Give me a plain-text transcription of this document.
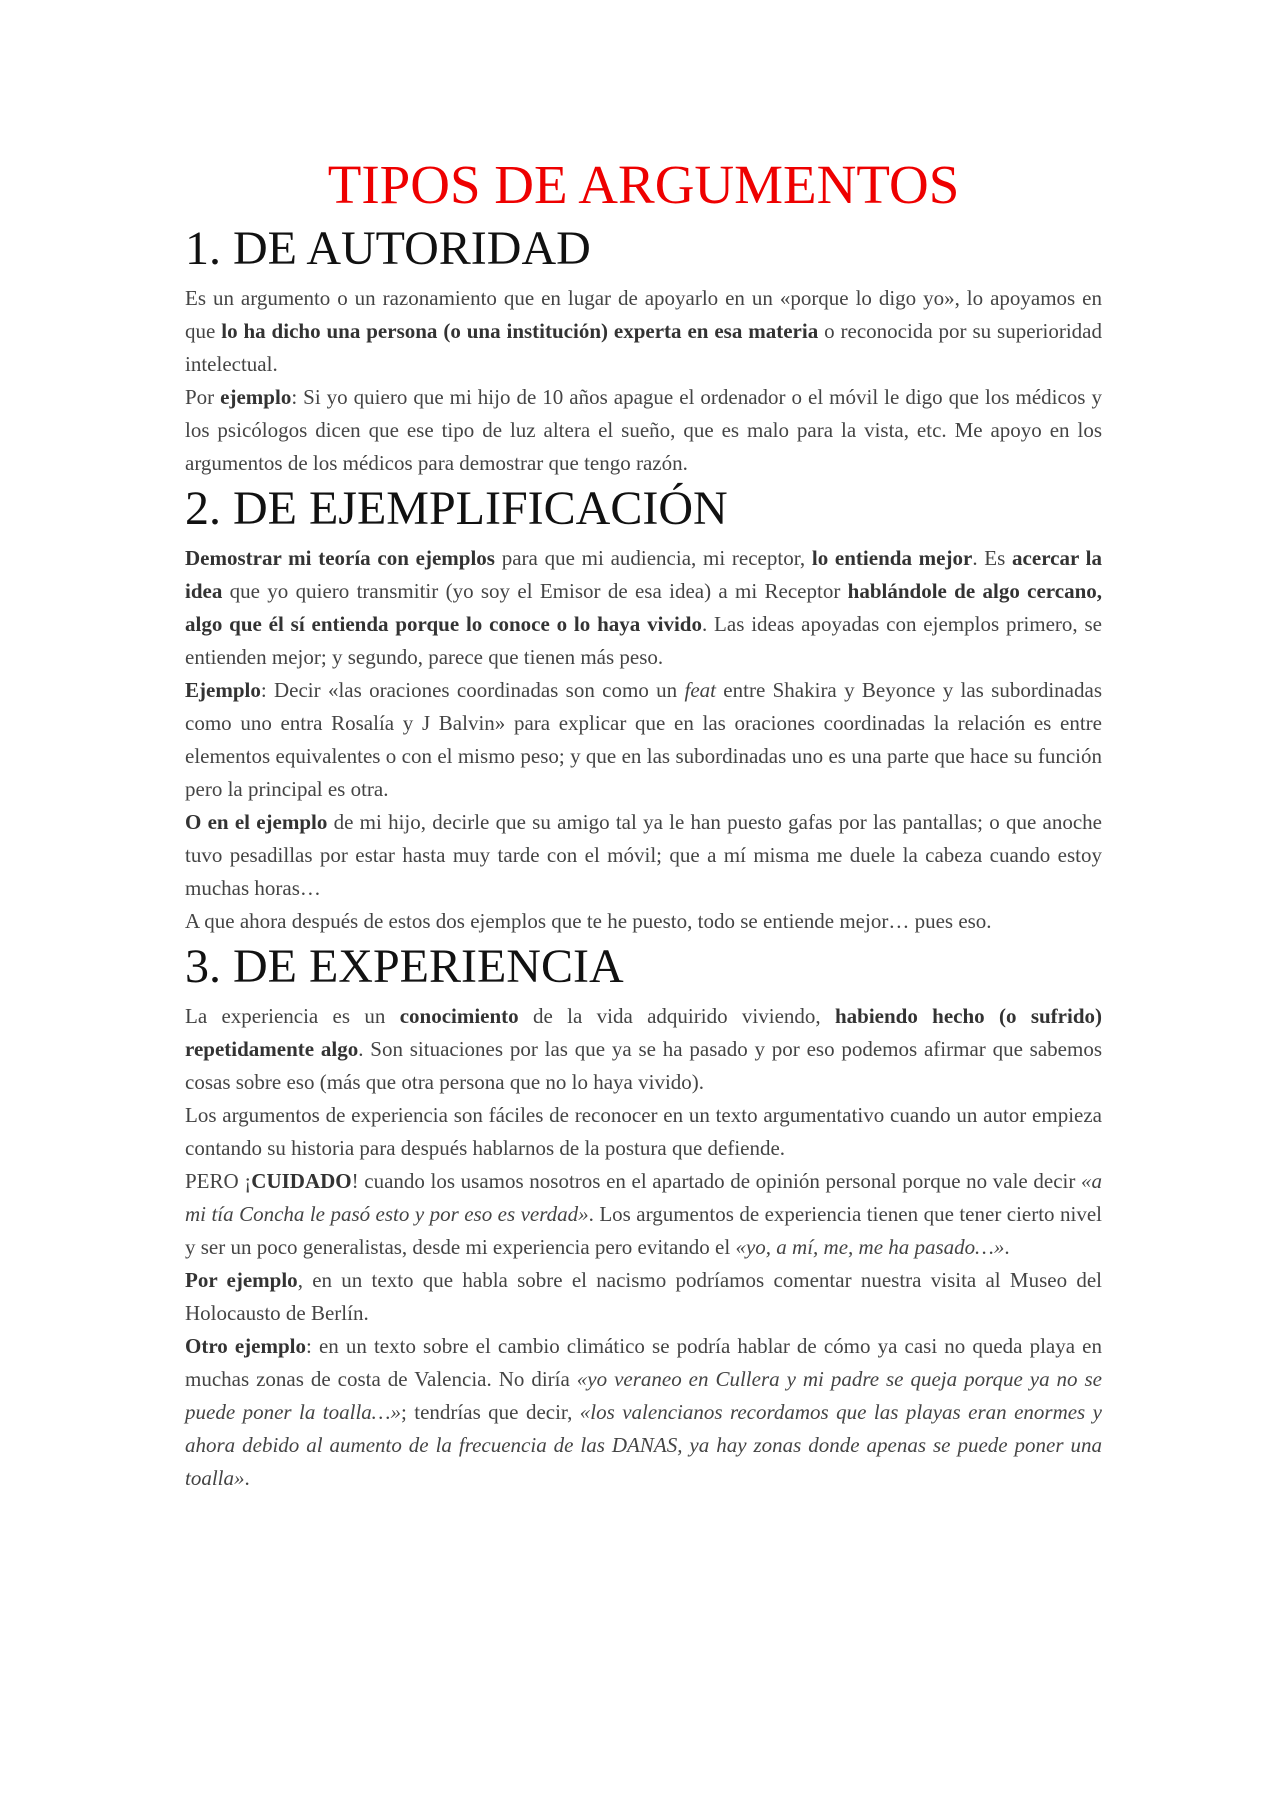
TIPOS DE ARGUMENTOS
1. DE AUTORIDAD

Es un argumento o un razonamiento que en lugar de apoyarlo en un «porque lo digo yo», lo apoyamos en que lo ha dicho una persona (o una institución) experta en esa materia o reconocida por su superioridad intelectual.

Por ejemplo: Si yo quiero que mi hijo de 10 años apague el ordenador o el móvil le digo que los médicos y los psicólogos dicen que ese tipo de luz altera el sueño, que es malo para la vista, etc. Me apoyo en los argumentos de los médicos para demostrar que tengo razón.

2. DE EJEMPLIFICACIÓN

Demostrar mi teoría con ejemplos para que mi audiencia, mi receptor, lo entienda mejor. Es acercar la idea que yo quiero transmitir (yo soy el Emisor de esa idea) a mi Receptor hablándole de algo cercano, algo que él sí entienda porque lo conoce o lo haya vivido. Las ideas apoyadas con ejemplos primero, se entienden mejor; y segundo, parece que tienen más peso.

Ejemplo: Decir «las oraciones coordinadas son como un feat entre Shakira y Beyonce y las subordinadas como uno entra Rosalía y J Balvin» para explicar que en las oraciones coordinadas la relación es entre elementos equivalentes o con el mismo peso; y que en las subordinadas uno es una parte que hace su función pero la principal es otra.

O en el ejemplo de mi hijo, decirle que su amigo tal ya le han puesto gafas por las pantallas; o que anoche tuvo pesadillas por estar hasta muy tarde con el móvil; que a mí misma me duele la cabeza cuando estoy muchas horas…

A que ahora después de estos dos ejemplos que te he puesto, todo se entiende mejor… pues eso.

3. DE EXPERIENCIA

La experiencia es un conocimiento de la vida adquirido viviendo, habiendo hecho (o sufrido) repetidamente algo. Son situaciones por las que ya se ha pasado y por eso podemos afirmar que sabemos cosas sobre eso (más que otra persona que no lo haya vivido).

Los argumentos de experiencia son fáciles de reconocer en un texto argumentativo cuando un autor empieza contando su historia para después hablarnos de la postura que defiende.

PERO ¡CUIDADO! cuando los usamos nosotros en el apartado de opinión personal porque no vale decir «a mi tía Concha le pasó esto y por eso es verdad». Los argumentos de experiencia tienen que tener cierto nivel y ser un poco generalistas, desde mi experiencia pero evitando el «yo, a mí, me, me ha pasado…».

Por ejemplo, en un texto que habla sobre el nacismo podríamos comentar nuestra visita al Museo del Holocausto de Berlín.

Otro ejemplo: en un texto sobre el cambio climático se podría hablar de cómo ya casi no queda playa en muchas zonas de costa de Valencia. No diría «yo veraneo en Cullera y mi padre se queja porque ya no se puede poner la toalla…»; tendrías que decir, «los valencianos recordamos que las playas eran enormes y ahora debido al aumento de la frecuencia de las DANAS, ya hay zonas donde apenas se puede poner una toalla».
